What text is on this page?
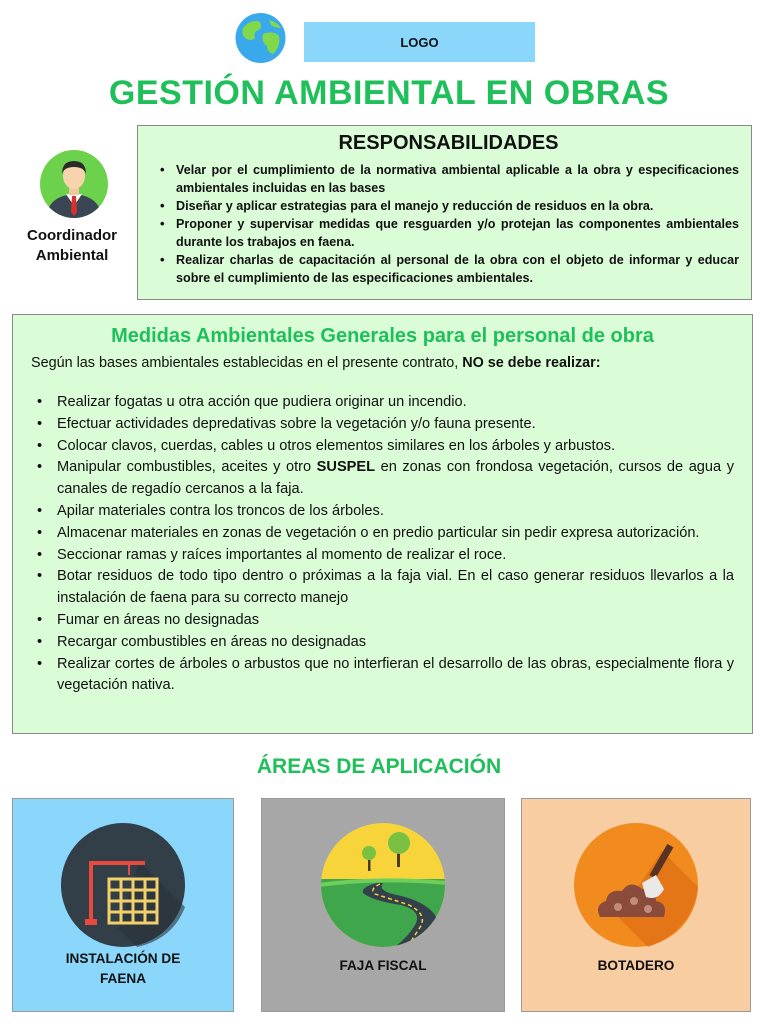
LOGO
GESTIÓN AMBIENTAL EN OBRAS
Coordinador
Ambiental
RESPONSABILIDADES
• Velar por el cumplimiento de la normativa ambiental aplicable a la obra y especificaciones ambientales incluidas en las bases
• Diseñar y aplicar estrategias para el manejo y reducción de residuos en la obra.
• Proponer y supervisar medidas que resguarden y/o protejan las componentes ambientales durante los trabajos en faena.
• Realizar charlas de capacitación al personal de la obra con el objeto de informar y educar sobre el cumplimiento de las especificaciones ambientales.
Medidas Ambientales Generales para el personal de obra
Según las bases ambientales establecidas en el presente contrato, NO se debe realizar:
• Realizar fogatas u otra acción que pudiera originar un incendio.
• Efectuar actividades depredativas sobre la vegetación y/o fauna presente.
• Colocar clavos, cuerdas, cables u otros elementos similares en los árboles y arbustos.
• Manipular combustibles, aceites y otro SUSPEL en zonas con frondosa vegetación, cursos de agua y canales de regadío cercanos a la faja.
• Apilar materiales contra los troncos de los árboles.
• Almacenar materiales en zonas de vegetación o en predio particular sin pedir expresa autorización.
• Seccionar ramas y raíces importantes al momento de realizar el roce.
• Botar residuos de todo tipo dentro o próximas a la faja vial. En el caso generar residuos llevarlos a la instalación de faena para su correcto manejo
• Fumar en áreas no designadas
• Recargar combustibles en áreas no designadas
• Realizar cortes de árboles o arbustos que no interfieran el desarrollo de las obras, especialmente flora y vegetación nativa.
ÁREAS DE APLICACIÓN
INSTALACIÓN DE
FAENA
FAJA FISCAL	BOTADERO
